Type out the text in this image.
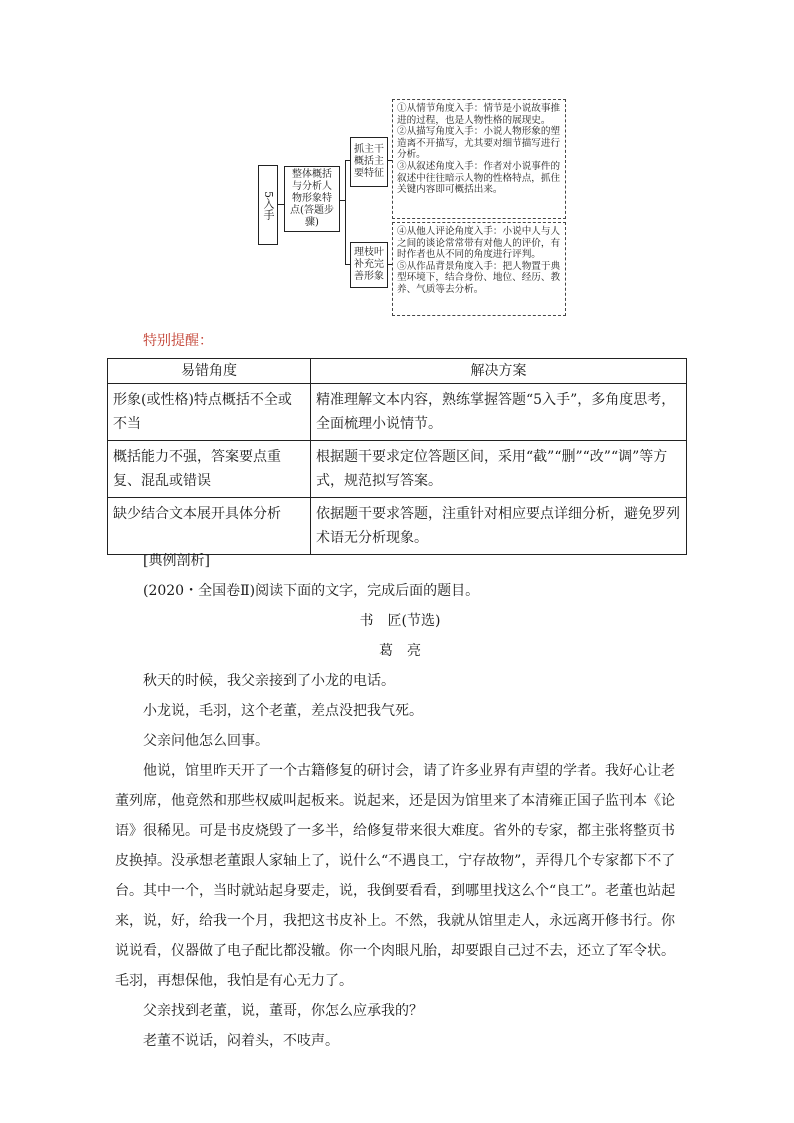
5入手
整体概括与分析人物形象特点(答题步骤)
抓主干概括主要特征
理枝叶补充完善形象

①从情节角度入手：情节是小说故事推进的过程，也是人物性格的展现史。

②从描写角度入手：小说人物形象的塑造离不开描写，尤其要对细节描写进行分析。

③从叙述角度入手：作者对小说事件的叙述中往往暗示人物的性格特点，抓住关键内容即可概括出来。

④从他人评论角度入手：小说中人与人之间的谈论常常带有对他人的评价，有时作者也从不同的角度进行评判。

⑤从作品背景角度入手：把人物置于典型环境下，结合身份、地位、经历、教养、气质等去分析。

特别提醒：
易错角度	解决方案
形象(或性格)特点概括不全或不当	精准理解文本内容，熟练掌握答题“5入手”，多角度思考，全面梳理小说情节。
概括能力不强，答案要点重复、混乱或错误	根据题干要求定位答题区间，采用“截”“删”“改”“调”等方式，规范拟写答案。
缺少结合文本展开具体分析	依据题干要求答题，注重针对相应要点详细分析，避免罗列术语无分析现象。
[典例剖析]
(2020・全国卷Ⅱ)阅读下面的文字，完成后面的题目。
书　匠(节选)
葛　亮

秋天的时候，我父亲接到了小龙的电话。

小龙说，毛羽，这个老董，差点没把我气死。

父亲问他怎么回事。

他说，馆里昨天开了一个古籍修复的研讨会，请了许多业界有声望的学者。我好心让老董列席，他竟然和那些权威叫起板来。说起来，还是因为馆里来了本清雍正国子监刊本《论语》很稀见。可是书皮烧毁了一多半，给修复带来很大难度。省外的专家，都主张将整页书皮换掉。没承想老董跟人家轴上了，说什么“不遇良工，宁存故物”，弄得几个专家都下不了台。其中一个，当时就站起身要走，说，我倒要看看，到哪里找这么个“良工”。老董也站起来，说，好，给我一个月，我把这书皮补上。不然，我就从馆里走人，永远离开修书行。你说说看，仪器做了电子配比都没辙。你一个肉眼凡胎，却要跟自己过不去，还立了军令状。毛羽，再想保他，我怕是有心无力了。

父亲找到老董，说，董哥，你怎么应承我的？

老董不说话，闷着头，不吱声。
